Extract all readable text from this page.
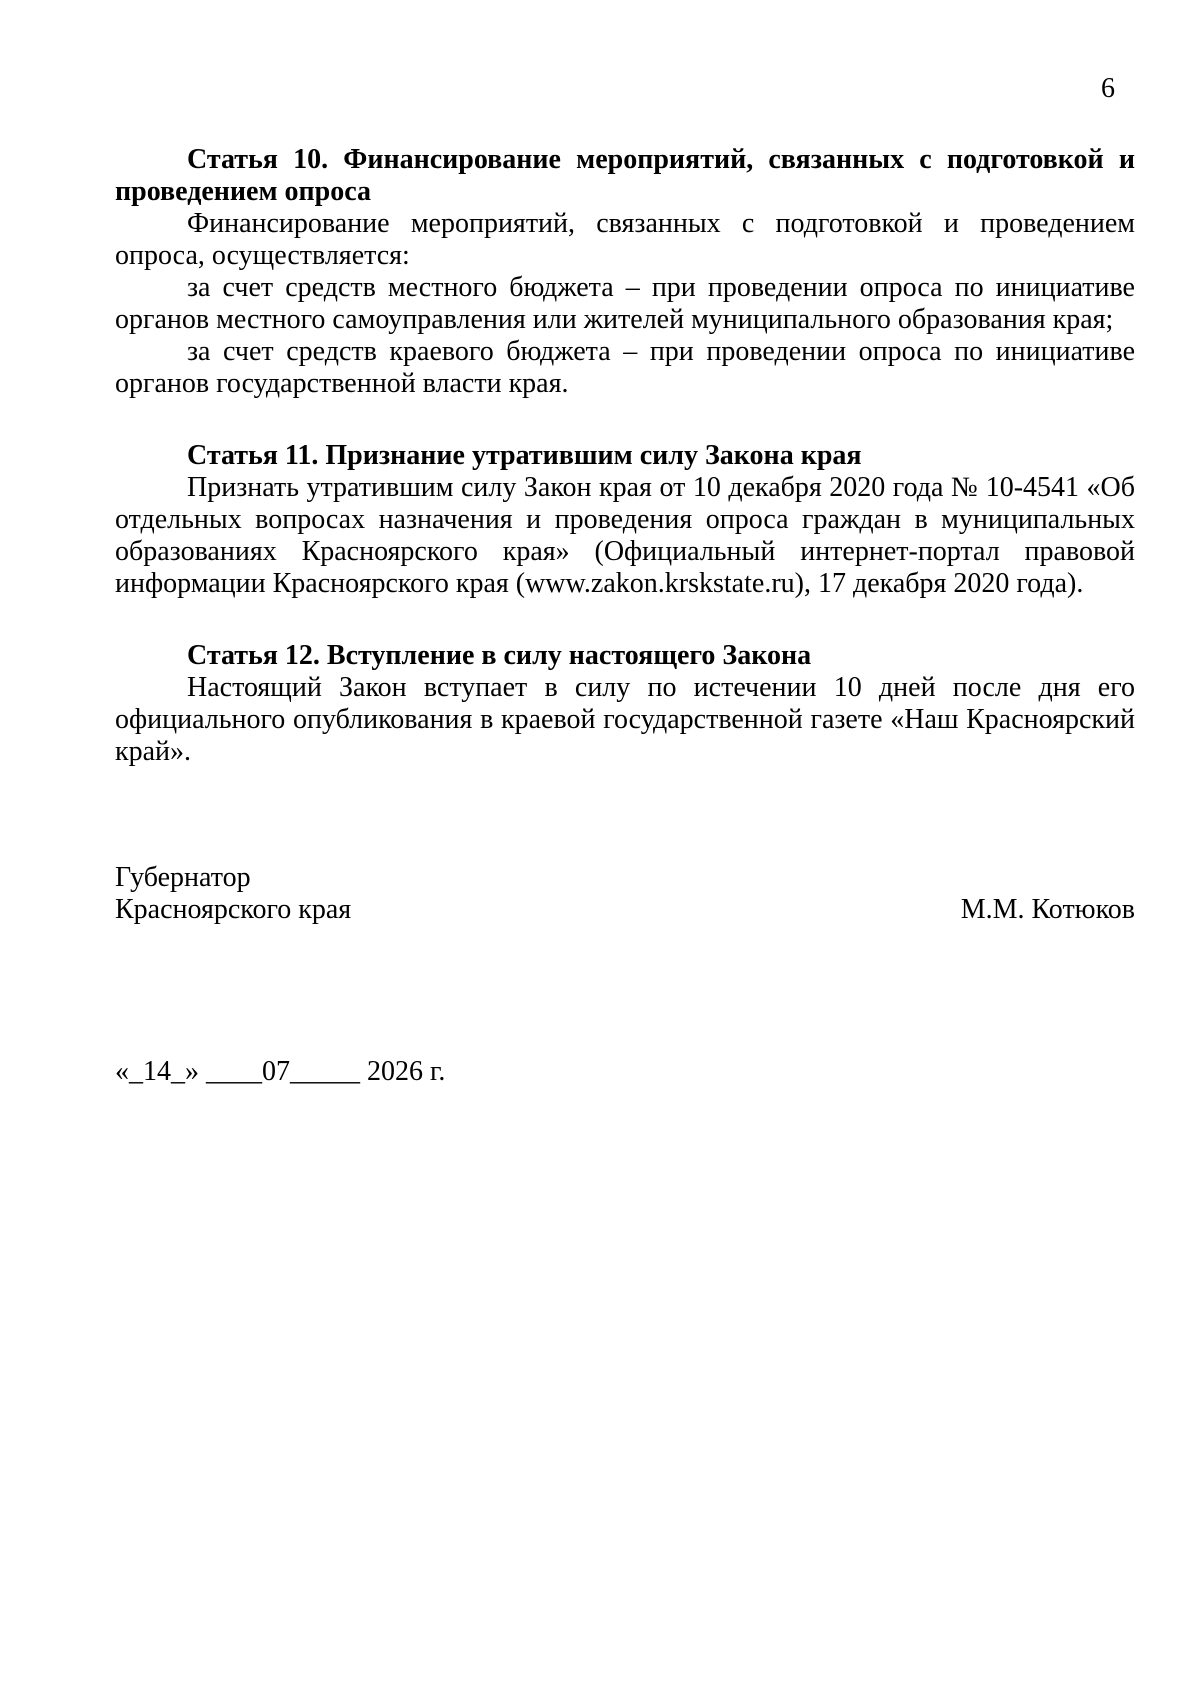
6

Статья 10. Финансирование мероприятий, связанных с подготовкой и проведением опроса

Финансирование мероприятий, связанных с подготовкой и проведением опроса, осуществляется:

за счет средств местного бюджета – при проведении опроса по инициативе органов местного самоуправления или жителей муниципального образования края;

за счет средств краевого бюджета – при проведении опроса по инициативе органов государственной власти края.

Статья 11. Признание утратившим силу Закона края

Признать утратившим силу Закон края от 10 декабря 2020 года № 10-4541 «Об отдельных вопросах назначения и проведения опроса граждан в муниципальных образованиях Красноярского края» (Официальный интернет-портал правовой информации Красноярского края (www.zakon.krskstate.ru), 17 декабря 2020 года).

Статья 12. Вступление в силу настоящего Закона

Настоящий Закон вступает в силу по истечении 10 дней после дня его официального опубликования в краевой государственной газете «Наш Красноярский край».

Губернатор
Красноярского края	М.М. Котюков
«_14_» ____07_____ 2026 г.
